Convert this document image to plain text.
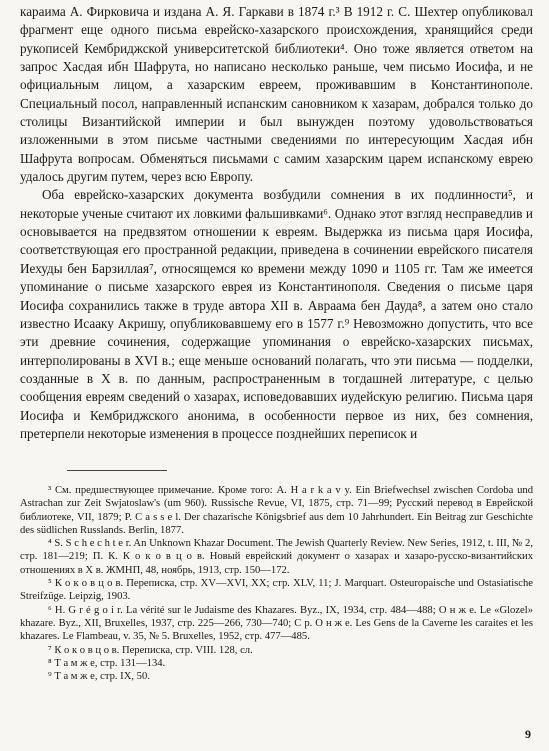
караима А. Фирковича и издана А. Я. Гаркави в 1874 г.³ В 1912 г. С. Шехтер опубликовал фрагмент еще одного письма еврейско-хазарского происхождения, хранящийся среди рукописей Кембриджской университетской библиотеки⁴. Оно тоже является ответом на запрос Хасдая ибн Шафрута, но написано несколько раньше, чем письмо Иосифа, и не официальным лицом, а хазарским евреем, проживавшим в Константинополе. Специальный посол, направленный испанским сановником к хазарам, добрался только до столицы Византийской империи и был вынужден поэтому удовольствоваться изложенными в этом письме частными сведениями по интересующим Хасдая ибн Шафрута вопросам. Обменяться письмами с самим хазарским царем испанскому еврею удалось другим путем, через всю Европу.

Оба еврейско-хазарских документа возбудили сомнения в их подлинности⁵, и некоторые ученые считают их ловкими фальшивками⁶. Однако этот взгляд несправедлив и основывается на предвзятом отношении к евреям. Выдержка из письма царя Иосифа, соответствующая его пространной редакции, приведена в сочинении еврейского писателя Иехуды бен Барзиллая⁷, относящемся ко времени между 1090 и 1105 гг. Там же имеется упоминание о письме хазарского еврея из Константинополя. Сведения о письме царя Иосифа сохранились также в труде автора XII в. Авраама бен Дауда⁸, а затем оно стало известно Исааку Акришу, опубликовавшему его в 1577 г.⁹ Невозможно допустить, что все эти древние сочинения, содержащие упоминания о еврейско-хазарских письмах, интерполированы в XVI в.; еще меньше оснований полагать, что эти письма — подделки, созданные в Х в. по данным, распространенным в тогдашней литературе, с целью сообщения евреям сведений о хазарах, исповедовавших иудейскую религию. Письма царя Иосифа и Кембриджского анонима, в особенности первое из них, без сомнения, претерпели некоторые изменения в процессе позднейших переписок и

³ См. предшествующее примечание. Кроме того: A. H a r k a v y. Ein Briefwechsel zwischen Cordoba und Astrachan zur Zeit Swjatoslaw's (um 960). Russische Revue, VI, 1875, стр. 71—99; Русский перевод в Еврейской библиотеке, VII, 1879; P. C a s s e l. Der chazarische Königsbrief aus dem 10 Jahrhundert. Ein Beitrag zur Geschichte des südlichen Russlands. Berlin, 1877.

⁴ S. S c h e c h t e r. An Unknown Khazar Document. The Jewish Quarterly Review. New Series, 1912, t. III, № 2, стр. 181—219; П. К. К о к о в ц о в. Новый еврейский документ о хазарах и хазаро-русско-византийских отношениях в Х в. ЖМНП, 48, ноябрь, 1913, стр. 150—172.

⁵ К о к о в ц о в. Переписка, стр. XV—XVI, XX; стр. XLV, 11; J. Marquart. Osteuropaische und Ostasiatische Streifzüge. Leipzig, 1903.

⁶ H. G r é g o i r. La vérité sur le Judaisme des Khazares. Byz., IX, 1934, стр. 484—488; О н ж е. Le «Glozel» khazare. Byz., XII, Bruxelles, 1937, стр. 225—266, 730—740; С р. О н ж е. Les Gens de la Caverne les caraites et les khazares. Le Flambeau, v. 35, № 5. Bruxelles, 1952, стр. 477—485.

⁷ К о к о в ц о в. Переписка, стр. VIII. 128, сл.

⁸ Т а м ж е, стр. 131—134.

⁹ Т а м ж е, стр. IX, 50.

9
